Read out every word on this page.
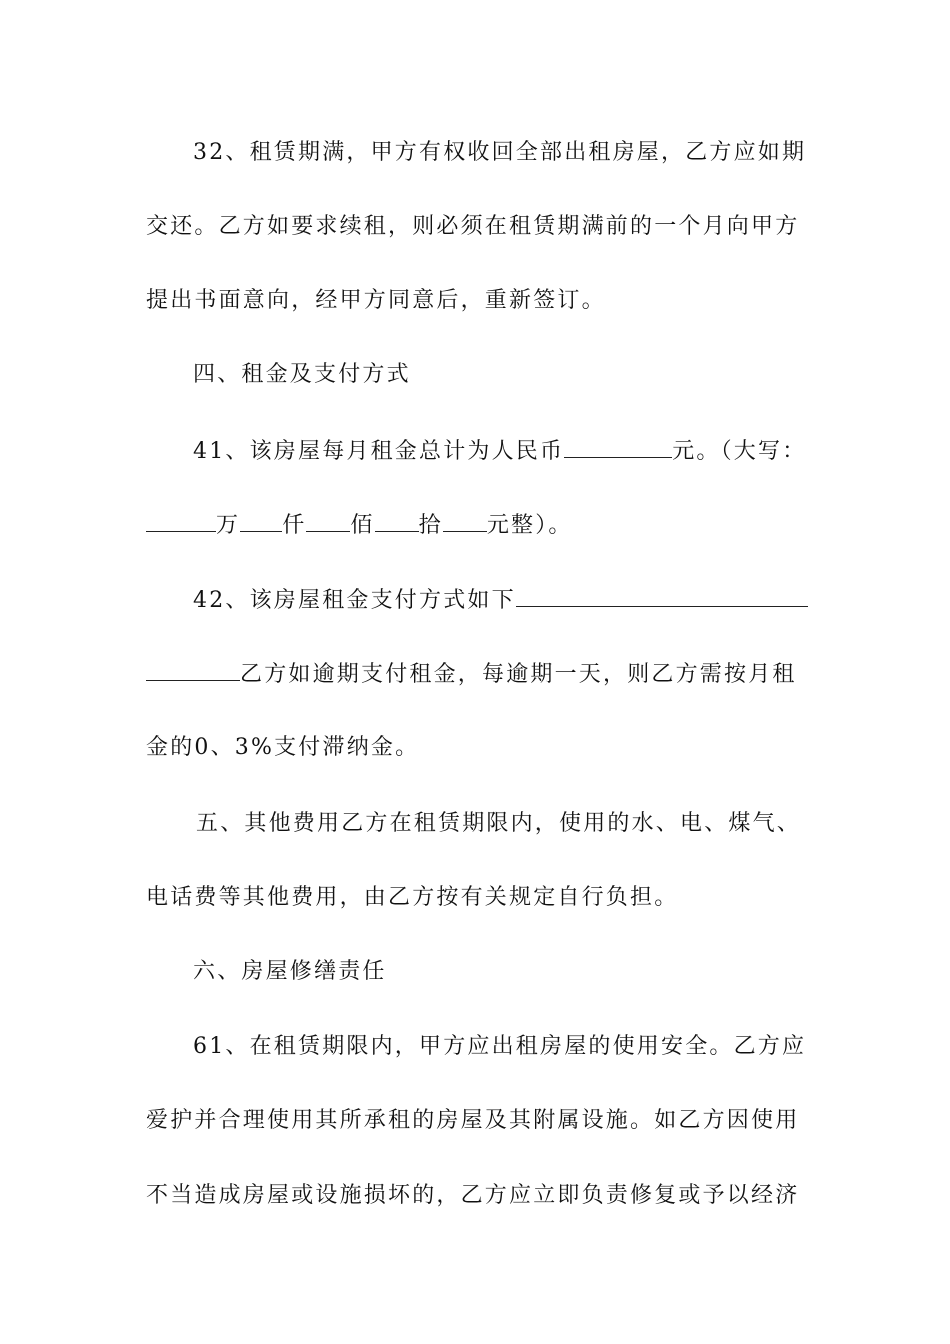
32、租赁期满，甲方有权收回全部出租房屋，乙方应如期
交还。乙方如要求续租，则必须在租赁期满前的一个月向甲方
提出书面意向，经甲方同意后，重新签订。
四、租金及支付方式
41、该房屋每月租金总计为人民币	元。（大写：
万 仟 佰 拾 元整）。
42、该房屋租金支付方式如下
乙方如逾期支付租金，每逾期一天，则乙方需按月租
金的0、3%支付滞纳金。
五、其他费用乙方在租赁期限内，使用的水、电、煤气、
电话费等其他费用，由乙方按有关规定自行负担。
六、房屋修缮责任
61、在租赁期限内，甲方应出租房屋的使用安全。乙方应
爱护并合理使用其所承租的房屋及其附属设施。如乙方因使用
不当造成房屋或设施损坏的，乙方应立即负责修复或予以经济
